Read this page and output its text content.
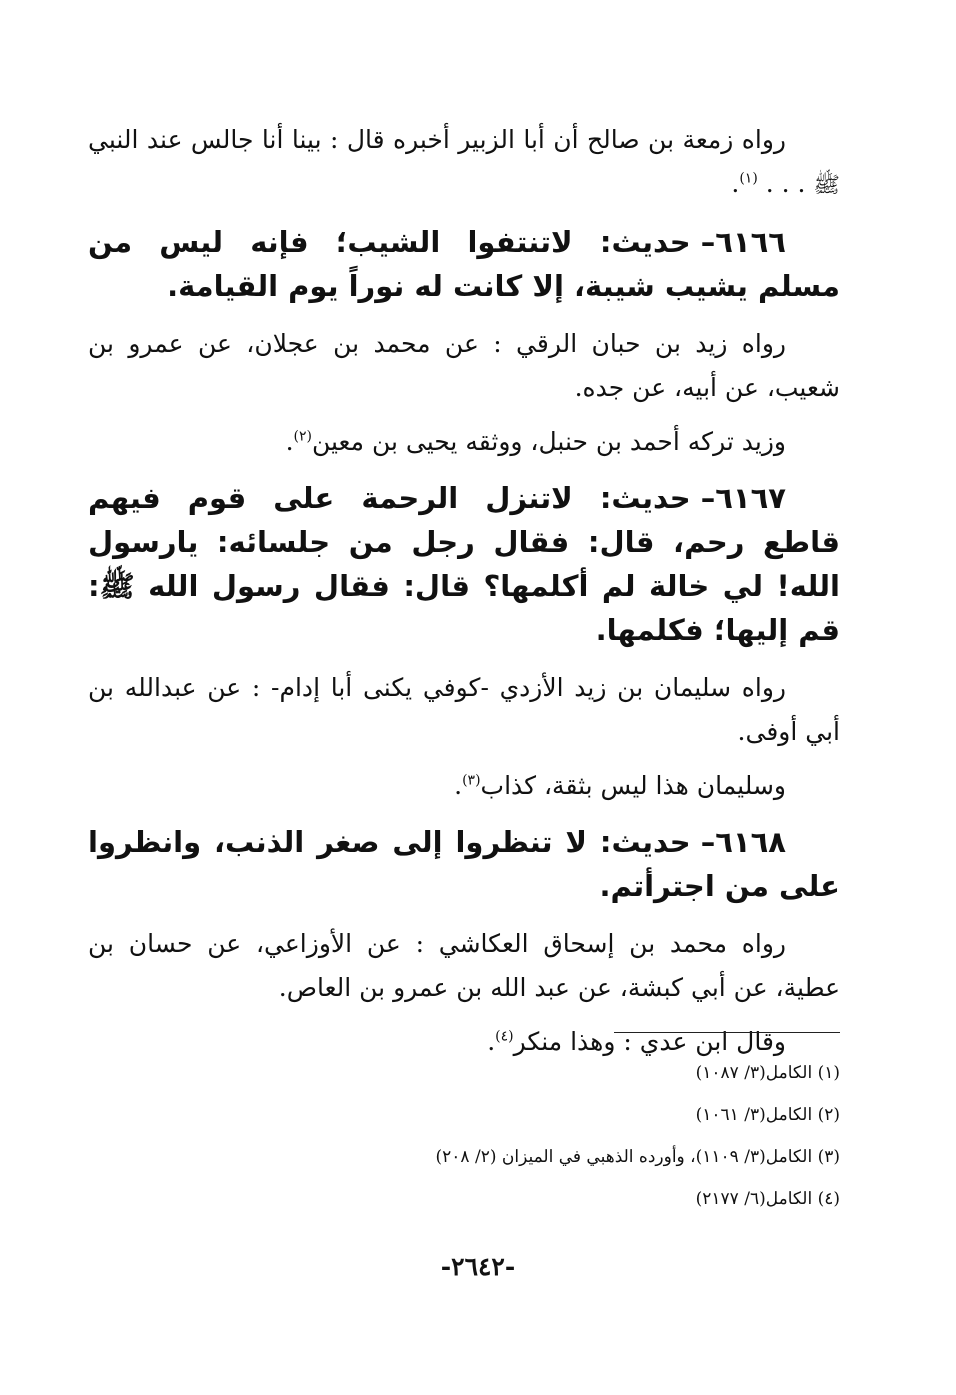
رواه زمعة بن صالح أن أبا الزبير أخبره قال : بينا أنا جالس عند النبي ﷺ . . . $^{(١)}$.

٦١٦٦–حديث: لاتنتفوا الشيب؛ فإنه ليس من مسلم يشيب شيبة، إلا كانت له نوراً يوم القيامة.

رواه زيد بن حبان الرقي : عن محمد بن عجلان، عن عمرو بن شعيب، عن أبيه، عن جده.

وزيد تركه أحمد بن حنبل، ووثقه يحيى بن معين$^{(٢)}$.

٦١٦٧–حديث: لاتنزل الرحمة على قوم فيهم قاطع رحم، قال: فقال رجل من جلسائه: يارسول الله! لي خالة لم أكلمها؟ قال: فقال رسول الله ﷺ: قم إليها؛ فكلمها.

رواه سليمان بن زيد الأزدي -كوفي يكنى أبا إدام- : عن عبدالله بن أبي أوفى.

وسليمان هذا ليس بثقة، كذاب$^{(٣)}$.

٦١٦٨–حديث: لا تنظروا إلى صغر الذنب، وانظروا على من اجترأتم.

رواه محمد بن إسحاق العكاشي : عن الأوزاعي، عن حسان بن عطية، عن أبي كبشة، عن عبد الله بن عمرو بن العاص.

وقال ابن عدي : وهذا منكر$^{(٤)}$.

(١) الكامل(٣/ ١٠٨٧)

(٢) الكامل(٣/ ١٠٦١)

(٣) الكامل(٣/ ١١٠٩)، وأورده الذهبي في الميزان (٢/ ٢٠٨)

(٤) الكامل(٦/ ٢١٧٧)

-٢٦٤٢-
